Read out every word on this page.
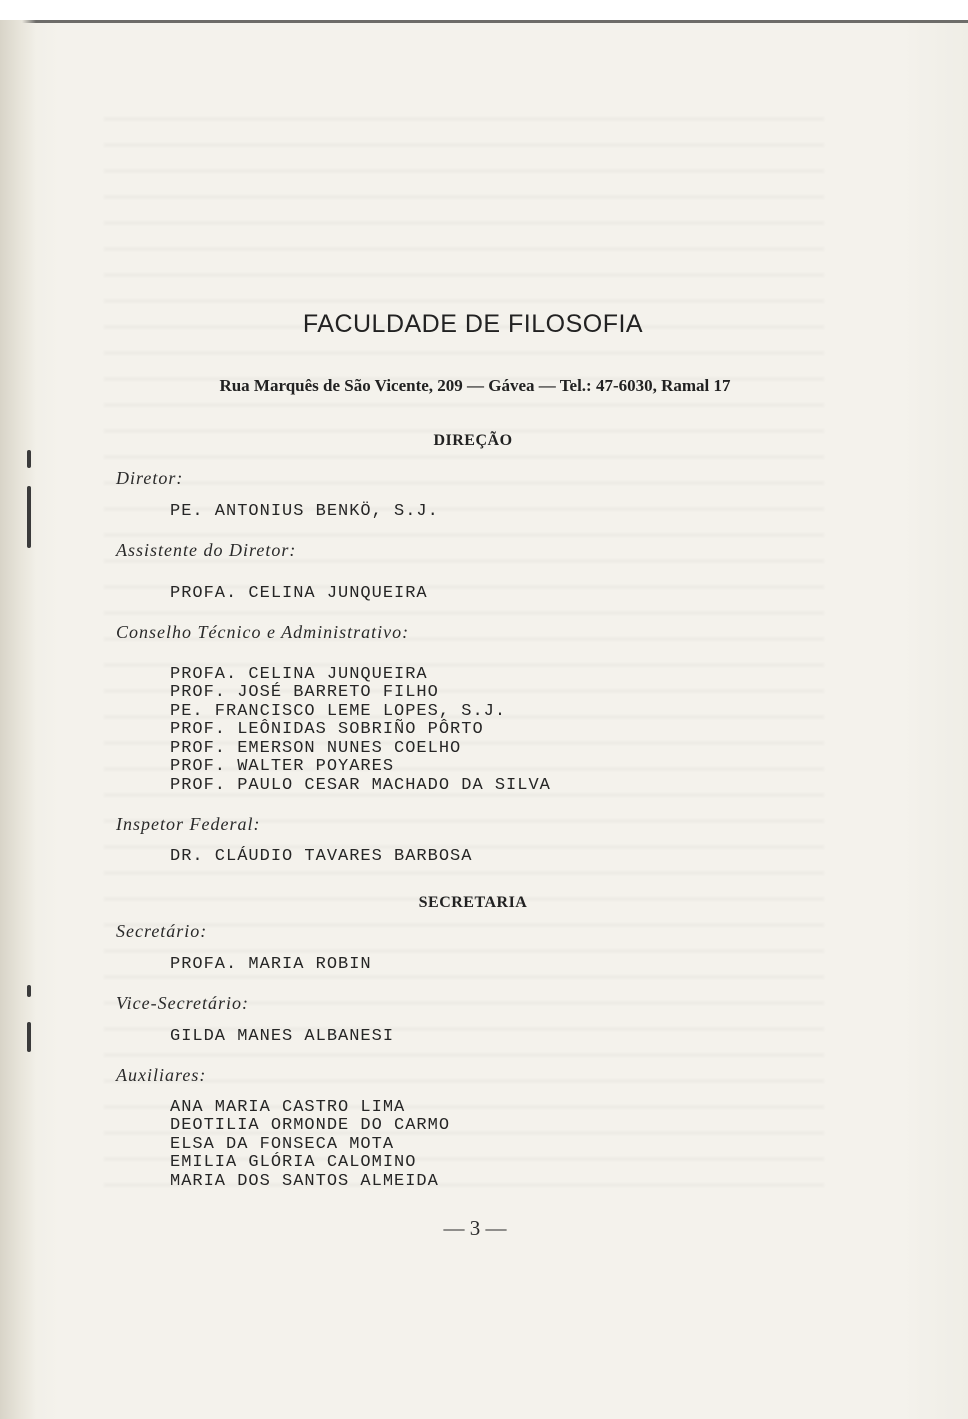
FACULDADE DE FILOSOFIA
Rua Marquês de São Vicente, 209 — Gávea — Tel.: 47-6030, Ramal 17
DIREÇÃO
Diretor:
PE. ANTONIUS BENKÖ, S.J.
Assistente do Diretor:
PROFA. CELINA JUNQUEIRA
Conselho Técnico e Administrativo:
PROFA. CELINA JUNQUEIRA
PROF. JOSÉ BARRETO FILHO
PE. FRANCISCO LEME LOPES, S.J.
PROF. LEÔNIDAS SOBRIÑO PÔRTO
PROF. EMERSON NUNES COELHO
PROF. WALTER POYARES
PROF. PAULO CESAR MACHADO DA SILVA
Inspetor Federal:
DR. CLÁUDIO TAVARES BARBOSA
SECRETARIA
Secretário:
PROFA. MARIA ROBIN
Vice-Secretário:
GILDA MANES ALBANESI
Auxiliares:
ANA MARIA CASTRO LIMA
DEOTILIA ORMONDE DO CARMO
ELSA DA FONSECA MOTA
EMILIA GLÓRIA CALOMINO
MARIA DOS SANTOS ALMEIDA
— 3 —
